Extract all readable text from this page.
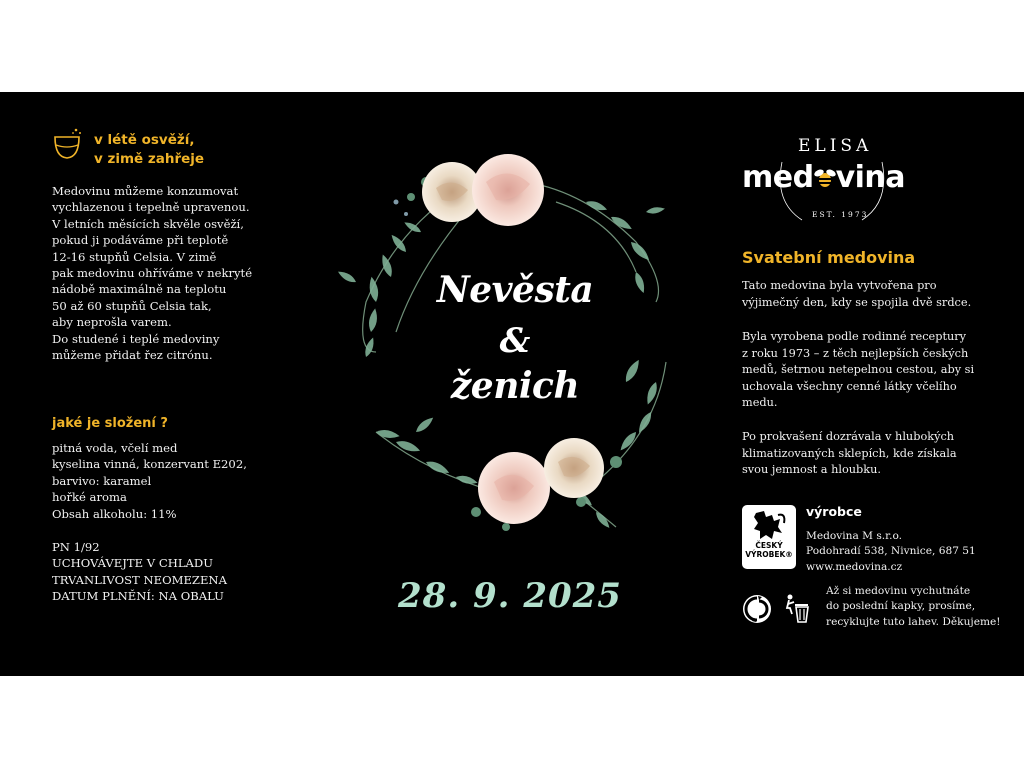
v létě osvěží,
v zimě zahřeje
Medovinu můžeme konzumovat
vychlazenou i tepelně upravenou.
V letních měsících skvěle osvěží,
pokud ji podáváme při teplotě
12-16 stupňů Celsia. V zimě
pak medovinu ohříváme v nekryté
nádobě maximálně na teplotu
50 až 60 stupňů Celsia tak,
aby neprošla varem.
Do studené i teplé medoviny
můžeme přidat řez citrónu.
jaké je složení ?
pitná voda, včelí med
kyselina vinná, konzervant E202,
barvivo: karamel
hořké aroma
Obsah alkoholu: 11%
PN 1/92
UCHOVÁVEJTE V CHLADU
TRVANLIVOST NEOMEZENA
DATUM PLNĚNÍ: NA OBALU
Nevěsta
&
ženich
28. 9. 2025
ELISA
med vina
EST. 1973
Svatební medovina
Tato medovina byla vytvořena pro
výjimečný den, kdy se spojila dvě srdce.
Byla vyrobena podle rodinné receptury
z roku 1973 – z těch nejlepších českých
medů, šetrnou netepelnou cestou, aby si
uchovala všechny cenné látky včelího
medu.
Po prokvašení dozrávala v hlubokých
klimatizovaných sklepích, kde získala
svou jemnost a hloubku.
ČESKÝ
VÝROBEK®
výrobce
Medovina M s.r.o.
Podohradí 538, Nivnice, 687 51
www.medovina.cz
Až si medovinu vychutnáte
do poslední kapky, prosíme,
recyklujte tuto lahev. Děkujeme!
